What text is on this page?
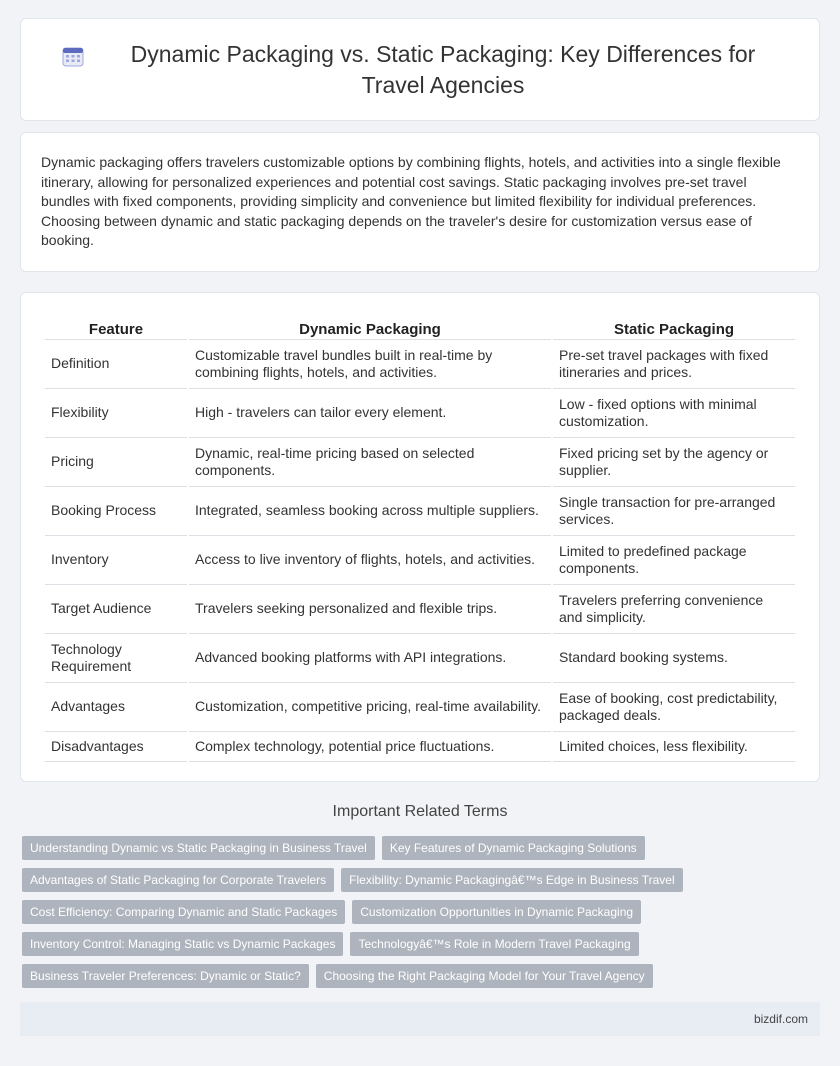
Dynamic Packaging vs. Static Packaging: Key Differences for Travel Agencies

Dynamic packaging offers travelers customizable options by combining flights, hotels, and activities into a single flexible itinerary, allowing for personalized experiences and potential cost savings. Static packaging involves pre-set travel bundles with fixed components, providing simplicity and convenience but limited flexibility for individual preferences. Choosing between dynamic and static packaging depends on the traveler's desire for customization versus ease of booking.

Feature	Dynamic Packaging	Static Packaging
Definition	Customizable travel bundles built in real-time by combining flights, hotels, and activities.	Pre-set travel packages with fixed itineraries and prices.
Flexibility	High - travelers can tailor every element.	Low - fixed options with minimal customization.
Pricing	Dynamic, real-time pricing based on selected components.	Fixed pricing set by the agency or supplier.
Booking Process	Integrated, seamless booking across multiple suppliers.	Single transaction for pre-arranged services.
Inventory	Access to live inventory of flights, hotels, and activities.	Limited to predefined package components.
Target Audience	Travelers seeking personalized and flexible trips.	Travelers preferring convenience and simplicity.
Technology Requirement	Advanced booking platforms with API integrations.	Standard booking systems.
Advantages	Customization, competitive pricing, real-time availability.	Ease of booking, cost predictability, packaged deals.
Disadvantages	Complex technology, potential price fluctuations.	Limited choices, less flexibility.
Important Related Terms
Understanding Dynamic vs Static Packaging in Business Travel	Key Features of Dynamic Packaging Solutions
Advantages of Static Packaging for Corporate Travelers	Flexibility: Dynamic Packagingâ€™s Edge in Business Travel
Cost Efficiency: Comparing Dynamic and Static Packages	Customization Opportunities in Dynamic Packaging
Inventory Control: Managing Static vs Dynamic Packages	Technologyâ€™s Role in Modern Travel Packaging
Business Traveler Preferences: Dynamic or Static?	Choosing the Right Packaging Model for Your Travel Agency
bizdif.com
